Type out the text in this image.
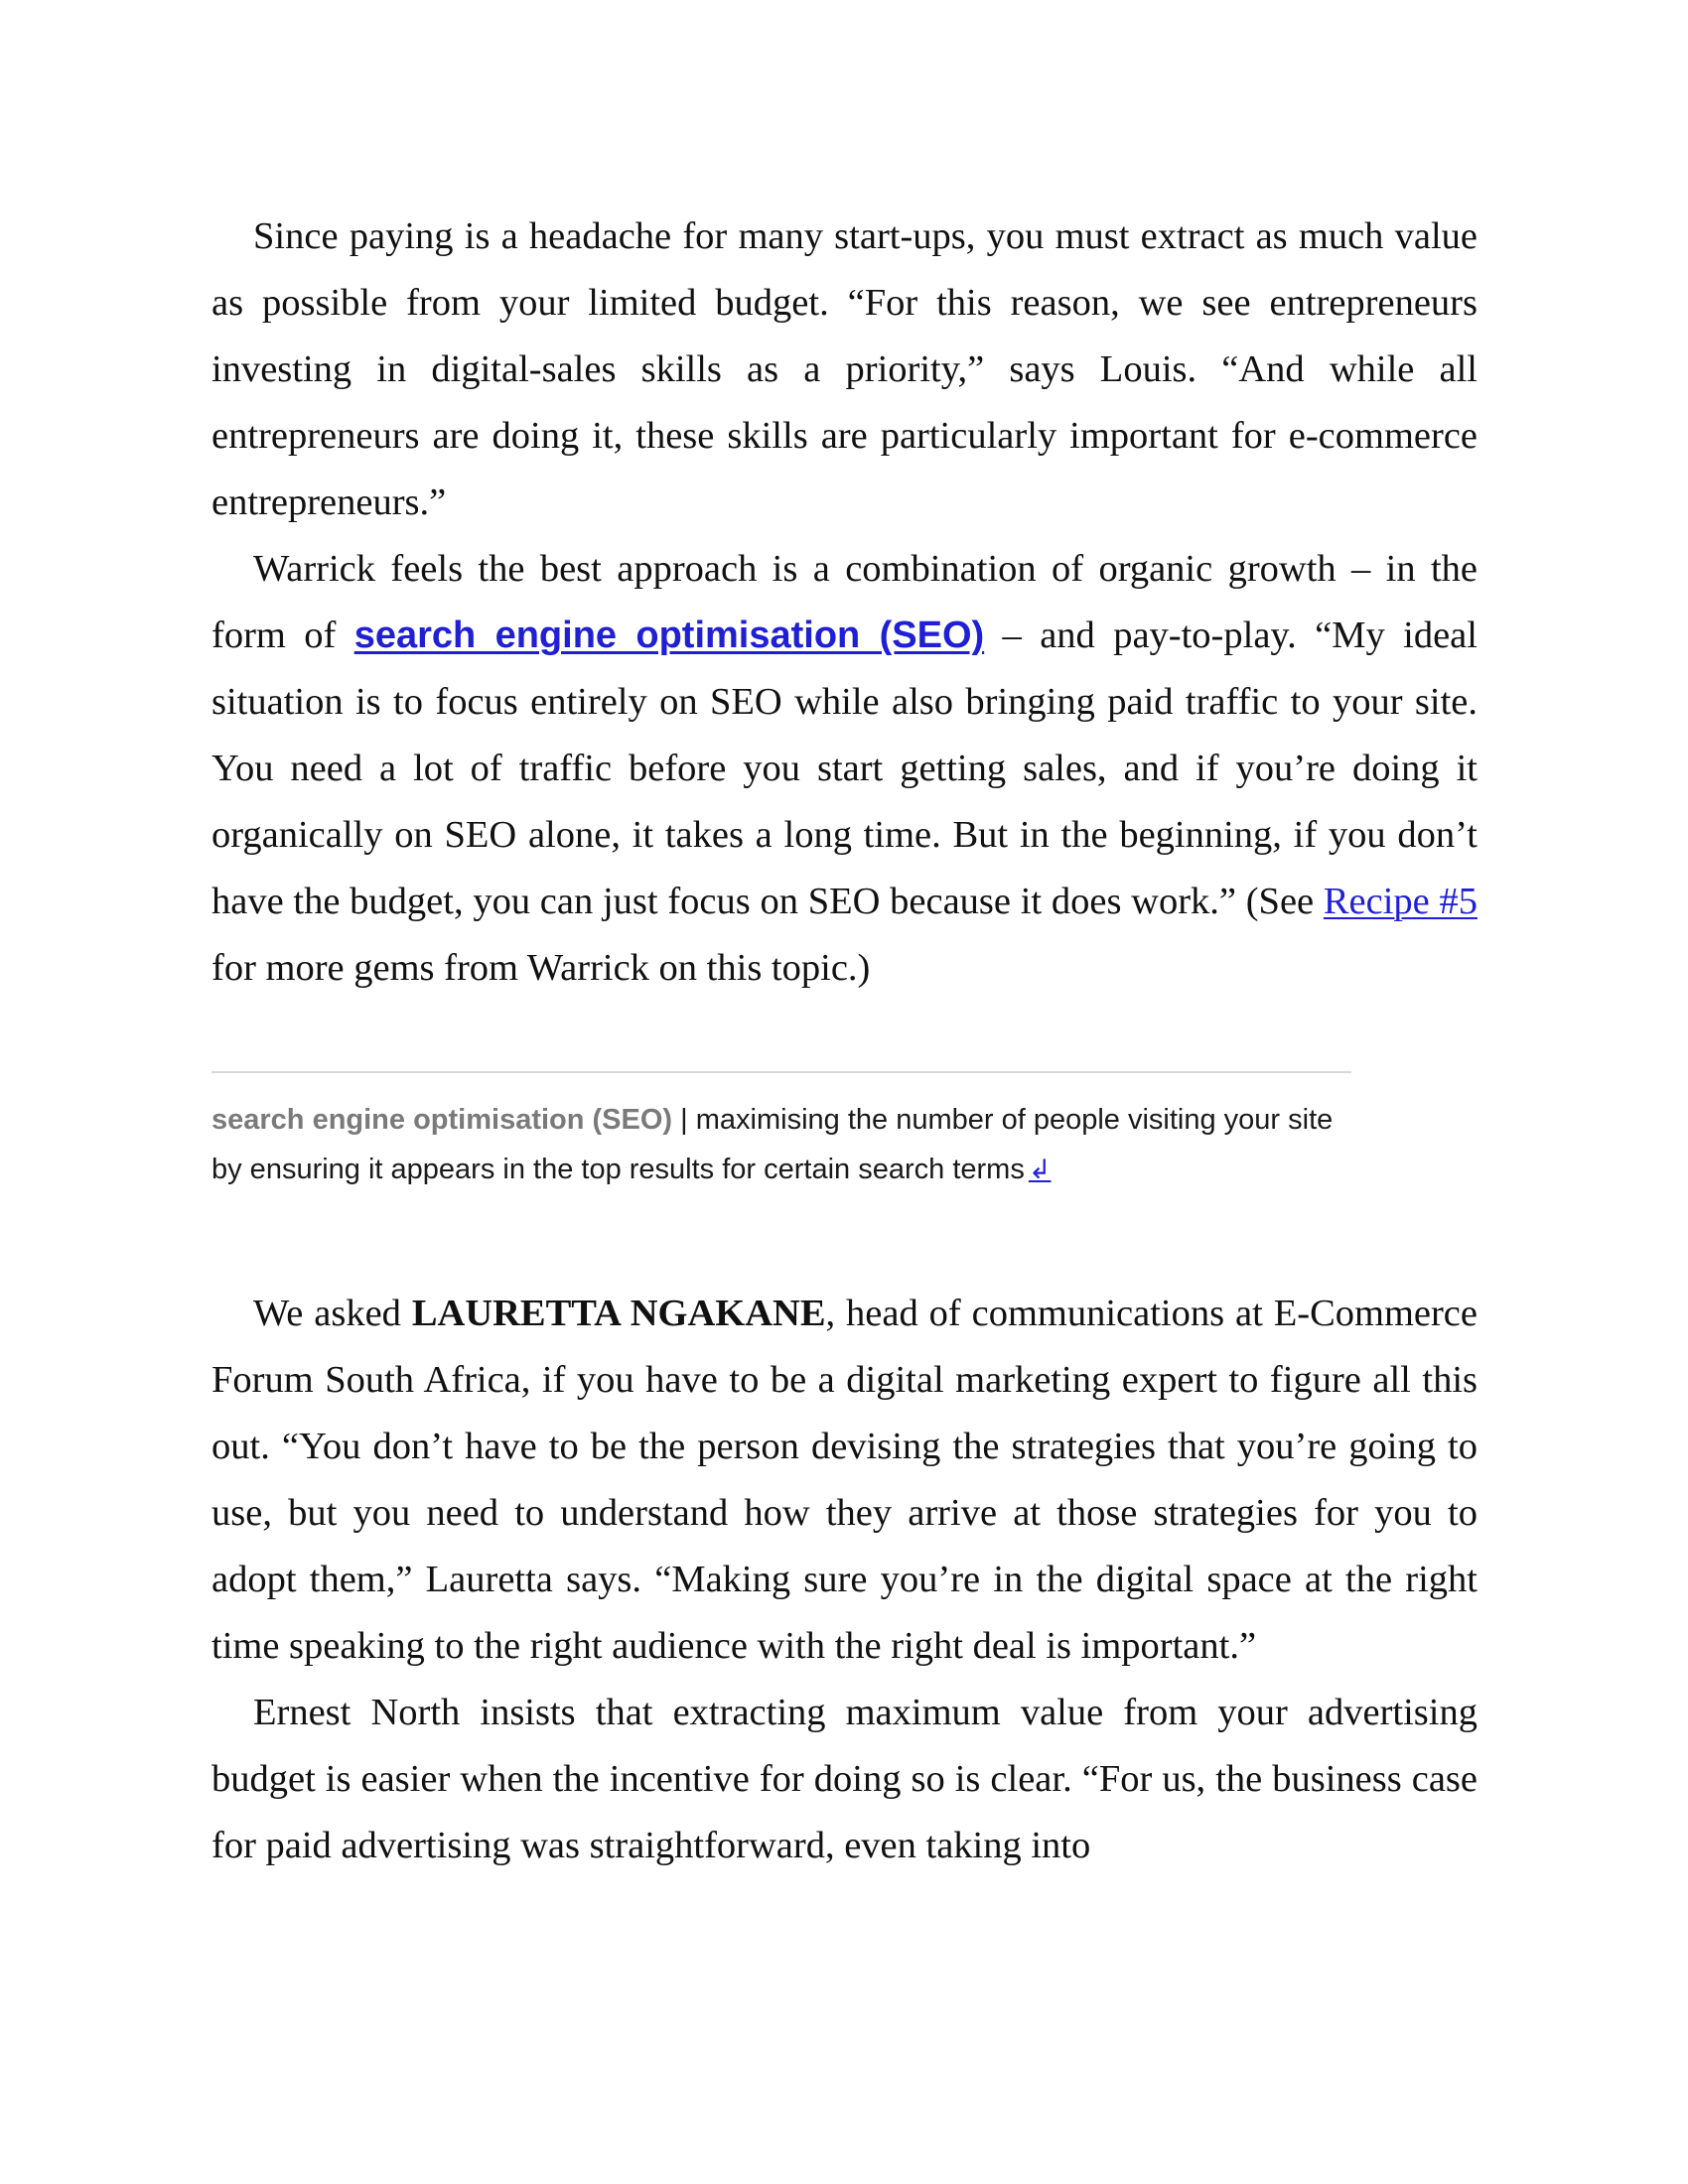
Since paying is a headache for many start-ups, you must extract as much value as possible from your limited budget. “For this reason, we see entrepreneurs investing in digital-sales skills as a priority,” says Louis. “And while all entrepreneurs are doing it, these skills are particularly important for e-commerce entrepreneurs.”

Warrick feels the best approach is a combination of organic growth – in the form of search engine optimisation (SEO) – and pay-to-play. “My ideal situation is to focus entirely on SEO while also bringing paid traffic to your site. You need a lot of traffic before you start getting sales, and if you’re doing it organically on SEO alone, it takes a long time. But in the beginning, if you don’t have the budget, you can just focus on SEO because it does work.” (See Recipe #5 for more gems from Warrick on this topic.)

search engine optimisation (SEO) | maximising the number of people visiting your site by ensuring it appears in the top results for certain search terms ↲

We asked LAURETTA NGAKANE, head of communications at E-Commerce Forum South Africa, if you have to be a digital marketing expert to figure all this out. “You don’t have to be the person devising the strategies that you’re going to use, but you need to understand how they arrive at those strategies for you to adopt them,” Lauretta says. “Making sure you’re in the digital space at the right time speaking to the right audience with the right deal is important.”

Ernest North insists that extracting maximum value from your advertising budget is easier when the incentive for doing so is clear. “For us, the business case for paid advertising was straightforward, even taking into
